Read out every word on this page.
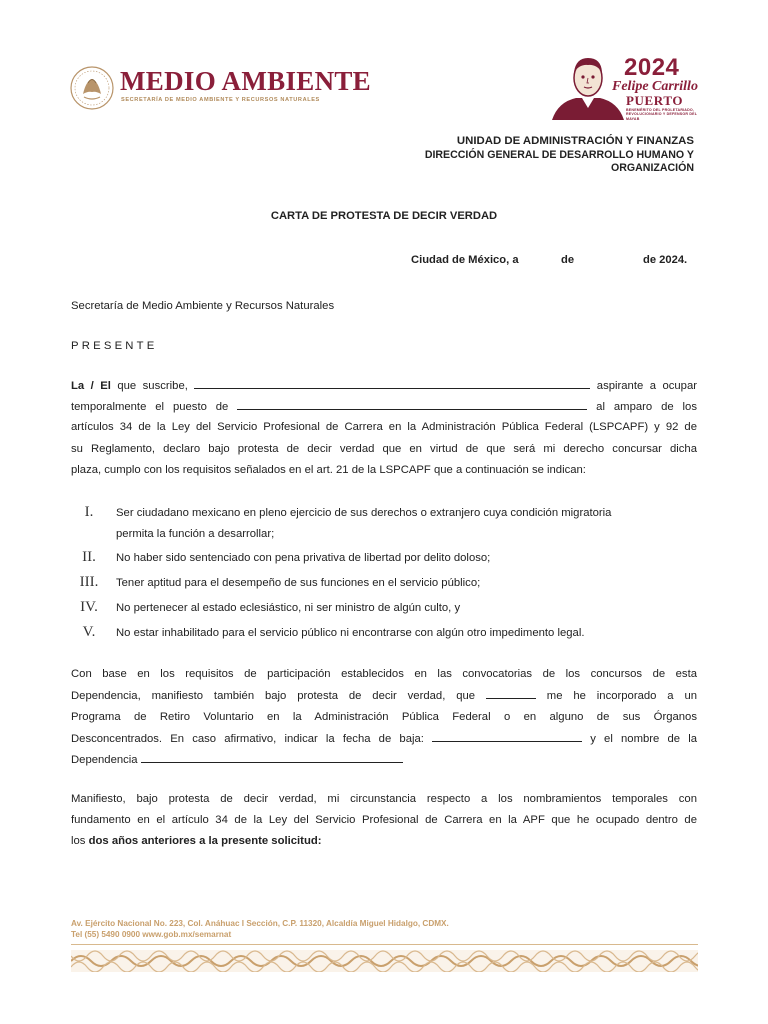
MEDIO AMBIENTE
SECRETARÍA DE MEDIO AMBIENTE Y RECURSOS NATURALES
2024
Felipe Carrillo
PUERTO
BENEMÉRITO DEL PROLETARIADO, REVOLUCIONARIO Y DEFENSOR DEL MAYAB
UNIDAD DE ADMINISTRACIÓN Y FINANZAS
DIRECCIÓN GENERAL DE DESARROLLO HUMANO Y
ORGANIZACIÓN
CARTA DE PROTESTA DE DECIR VERDAD
Ciudad de México, a	de	de 2024.
Secretaría de Medio Ambiente y Recursos Naturales
PRESENTE
La / El que suscribe,	aspirante a ocupar
temporalmente el puesto de	al amparo de los
artículos 34 de la Ley del Servicio Profesional de Carrera en la Administración Pública Federal (LSPCAPF) y 92 de
su Reglamento, declaro bajo protesta de decir verdad que en virtud de que será mi derecho concursar dicha
plaza, cumplo con los requisitos señalados en el art. 21 de la LSPCAPF que a continuación se indican:
I.	Ser ciudadano mexicano en pleno ejercicio de sus derechos o extranjero cuya condición migratoria
permita la función a desarrollar;
II.	No haber sido sentenciado con pena privativa de libertad por delito doloso;
III.	Tener aptitud para el desempeño de sus funciones en el servicio público;
IV.	No pertenecer al estado eclesiástico, ni ser ministro de algún culto, y
V.	No estar inhabilitado para el servicio público ni encontrarse con algún otro impedimento legal.
Con base en los requisitos de participación establecidos en las convocatorias de los concursos de esta
Dependencia, manifiesto también bajo protesta de decir verdad, que	me he incorporado a un
Programa de Retiro Voluntario en la Administración Pública Federal o en alguno de sus Órganos
Desconcentrados. En caso afirmativo, indicar la fecha de baja:	y el nombre de la
Dependencia
Manifiesto, bajo protesta de decir verdad, mi circunstancia respecto a los nombramientos temporales con
fundamento en el artículo 34 de la Ley del Servicio Profesional de Carrera en la APF que he ocupado dentro de
los dos años anteriores a la presente solicitud:
Av. Ejército Nacional No. 223, Col. Anáhuac I Sección, C.P. 11320, Alcaldía Miguel Hidalgo, CDMX.
Tel (55) 5490 0900 www.gob.mx/semarnat
